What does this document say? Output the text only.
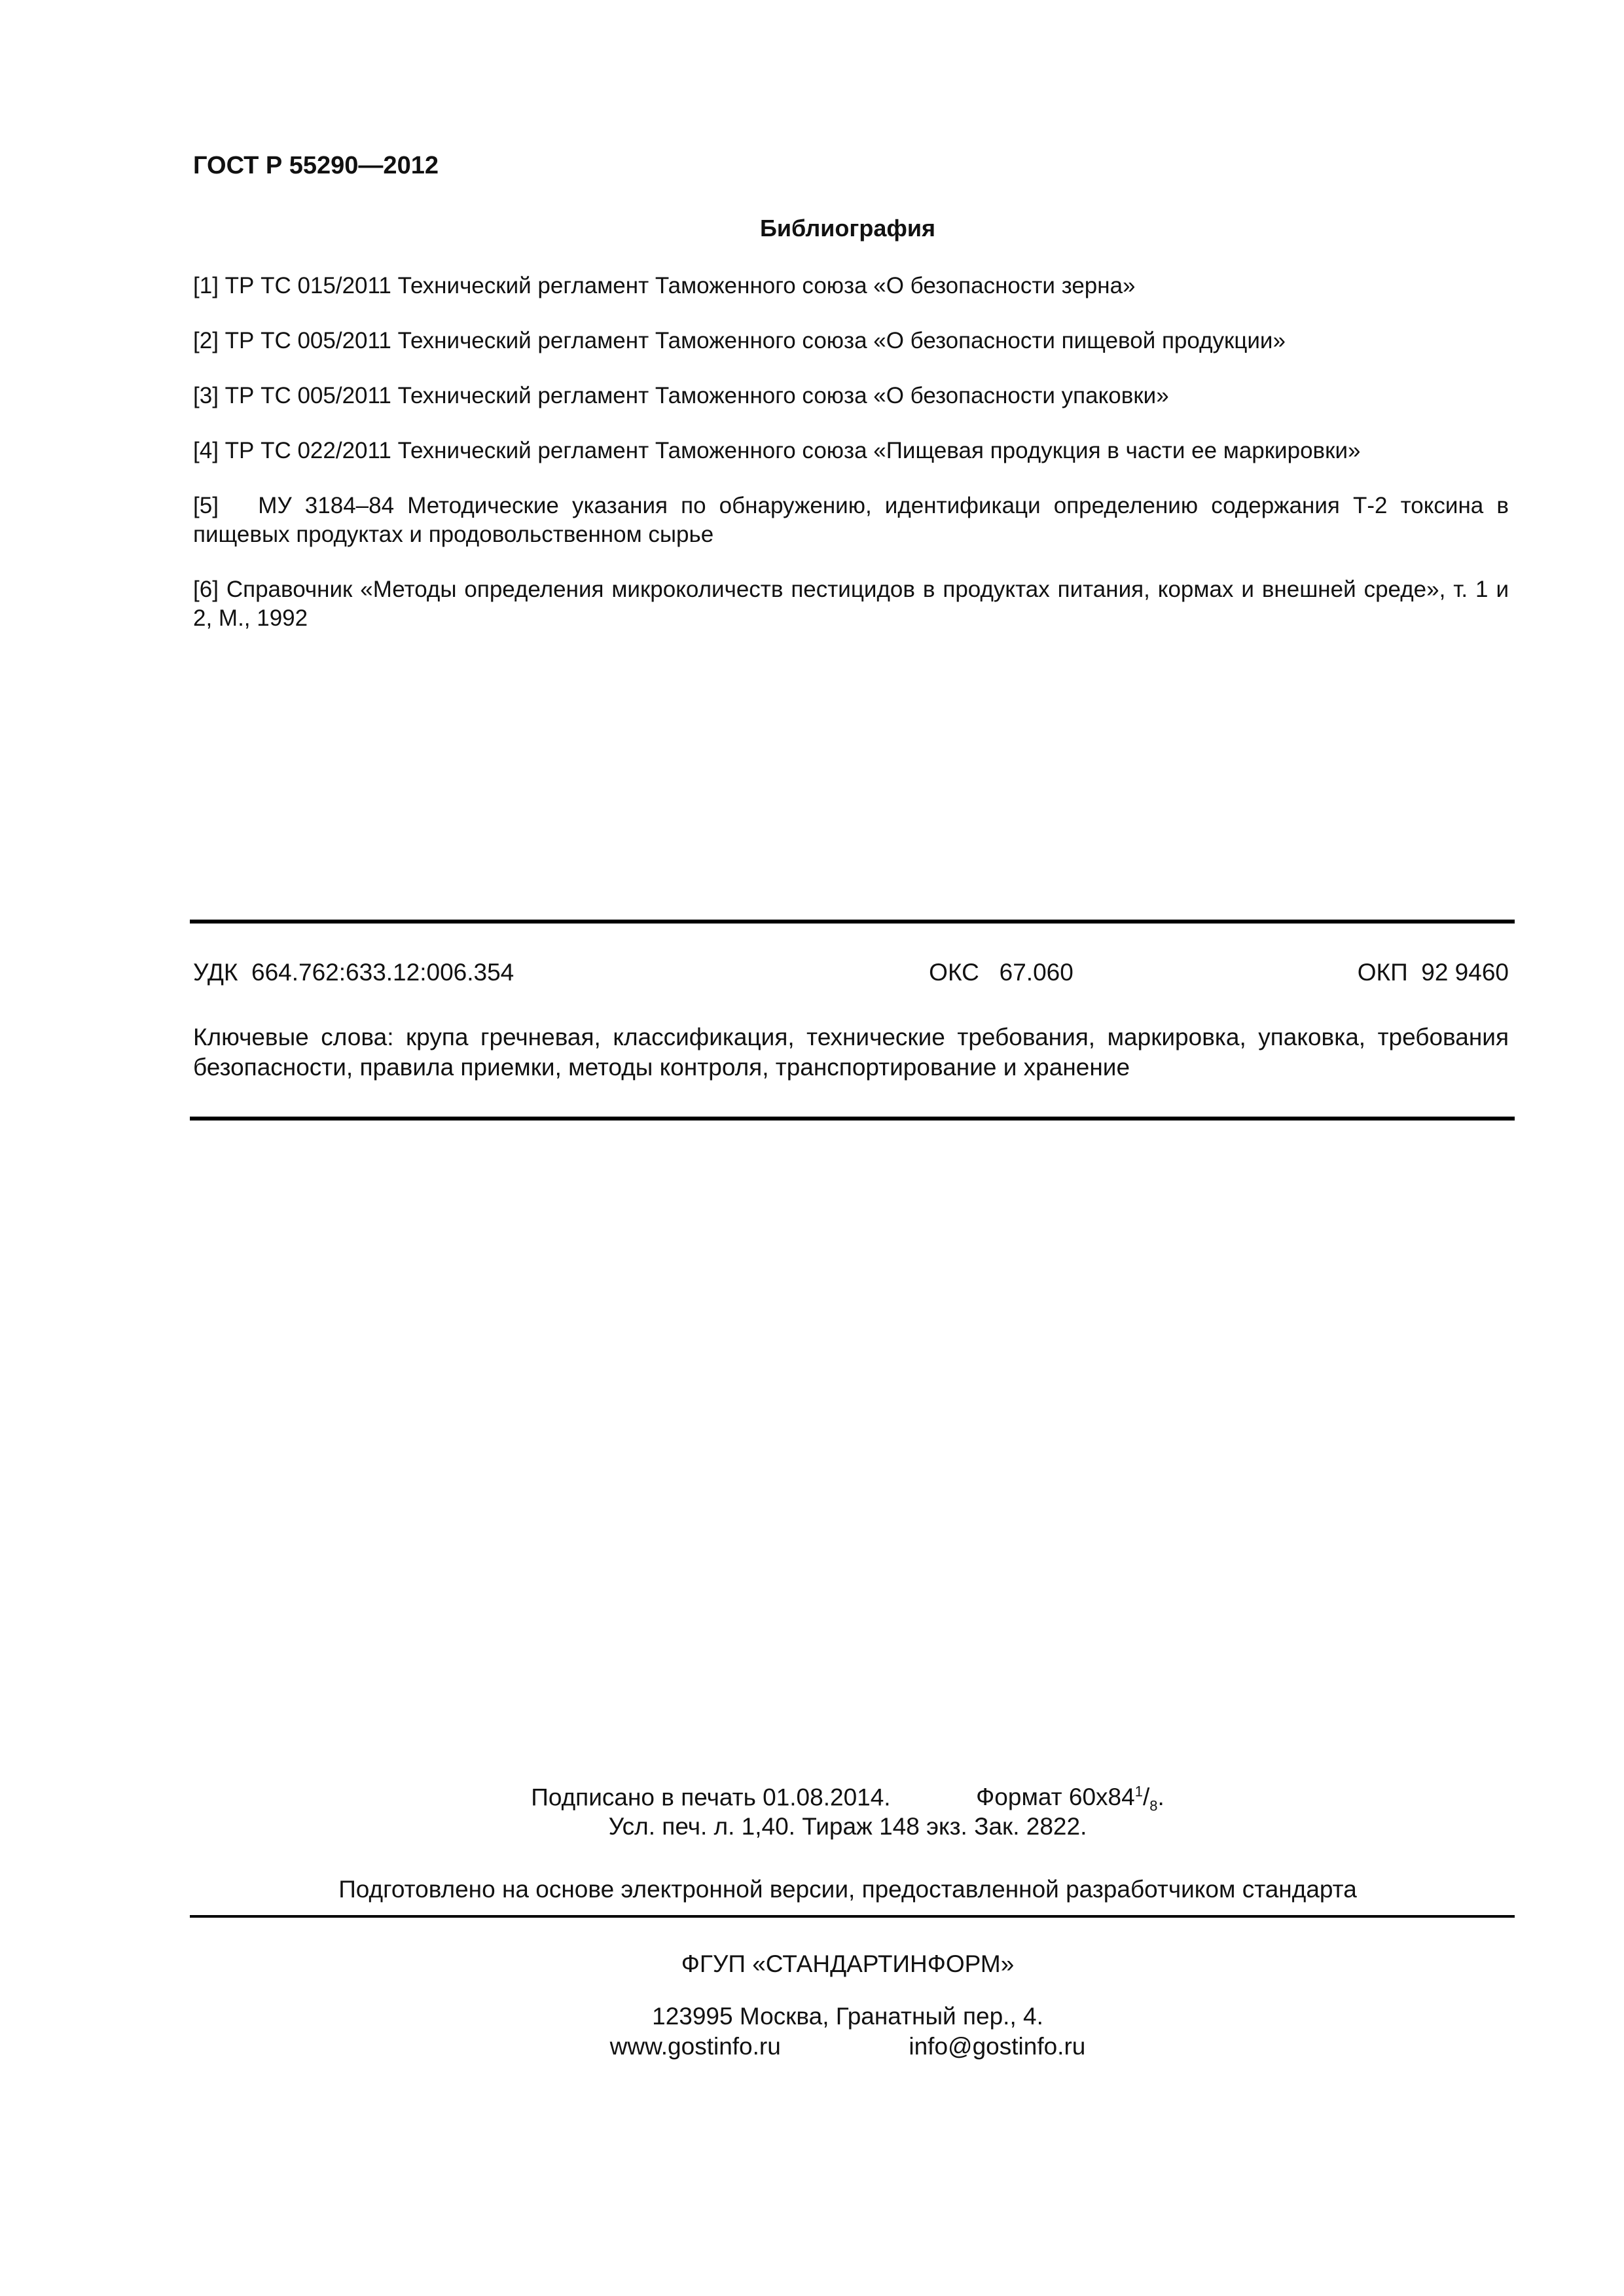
ГОСТ Р 55290—2012
Библиография
[1] ТР ТС 015/2011 Технический регламент Таможенного союза «О безопасности зерна»
[2] ТР ТС 005/2011 Технический регламент Таможенного союза «О безопасности пищевой продукции»
[3] ТР ТС 005/2011 Технический регламент Таможенного союза «О безопасности упаковки»
[4] ТР ТС 022/2011 Технический регламент Таможенного союза «Пищевая продукция в части ее маркировки»
[5]   МУ 3184–84 Методические указания по обнаружению, идентификаци определению содержания Т-2 токсина в пищевых продуктах и продовольственном сырье
[6] Справочник «Методы определения микроколичеств пестицидов в продуктах питания, кормах и внешней среде», т. 1 и 2, М., 1992
УДК  664.762:633.12:006.354	ОКС   67.060	ОКП  92 9460
Ключевые слова: крупа гречневая, классификация, технические требования, маркировка, упаковка, требования безопасности, правила приемки, методы контроля, транспортирование и хранение
Подписано в печать 01.08.2014.	Формат $60x84^1/_8$.
Усл. печ. л. 1,40. Тираж 148 экз. Зак. 2822.
Подготовлено на основе электронной версии, предоставленной разработчиком стандарта
ФГУП «СТАНДАРТИНФОРМ»
123995 Москва, Гранатный пер., 4.
www.gostinfo.ru	info@gostinfo.ru
